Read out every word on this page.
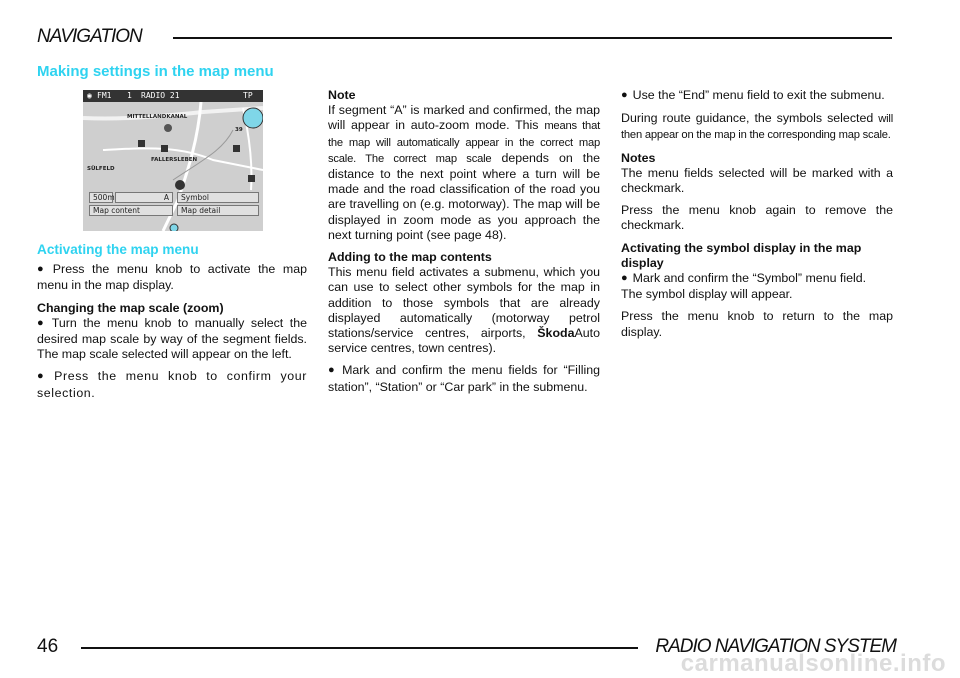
NAVIGATION
Making settings in the map menu
◉ FM1 1 RADIO 21	TP
MITTELLANDKANAL
SÜLFELD
FALLERSLEBEN
39
500m	A	Symbol
Map content	Map detail
Activating the map menu

● Press the menu knob to activate the map menu in the map display.

Changing the map scale (zoom)

● Turn the menu knob to manually select the desired map scale by way of the segment fields. The map scale selected will appear on the left.

● Press the menu knob to confirm your selection.

Note

If segment “A” is marked and confirmed, the map will appear in auto-zoom mode. This means that the map will automatically appear in the correct map scale. The correct map scale depends on the distance to the next point where a turn will be made and the road classification of the road you are travelling on (e.g. motorway). The map will be displayed in zoom mode as you approach the next turning point (see page 48).

Adding to the map contents

This menu field activates a submenu, which you can use to select other symbols for the map in addition to those symbols that are already displayed automatically (motorway petrol stations/service centres, airports, ŠkodaAuto service centres, town centres).

● Mark and confirm the menu fields for “Filling station”, “Station” or “Car park” in the submenu.

● Use the “End” menu field to exit the submenu.

During route guidance, the symbols selected will then appear on the map in the corresponding map scale.

Notes

The menu fields selected will be marked with a checkmark.

Press the menu knob again to remove the checkmark.

Activating the symbol display in the map display

● Mark and confirm the “Symbol” menu field.

The symbol display will appear.

Press the menu knob to return to the map display.

46	RADIO NAVIGATION SYSTEM
carmanualsonline.info
